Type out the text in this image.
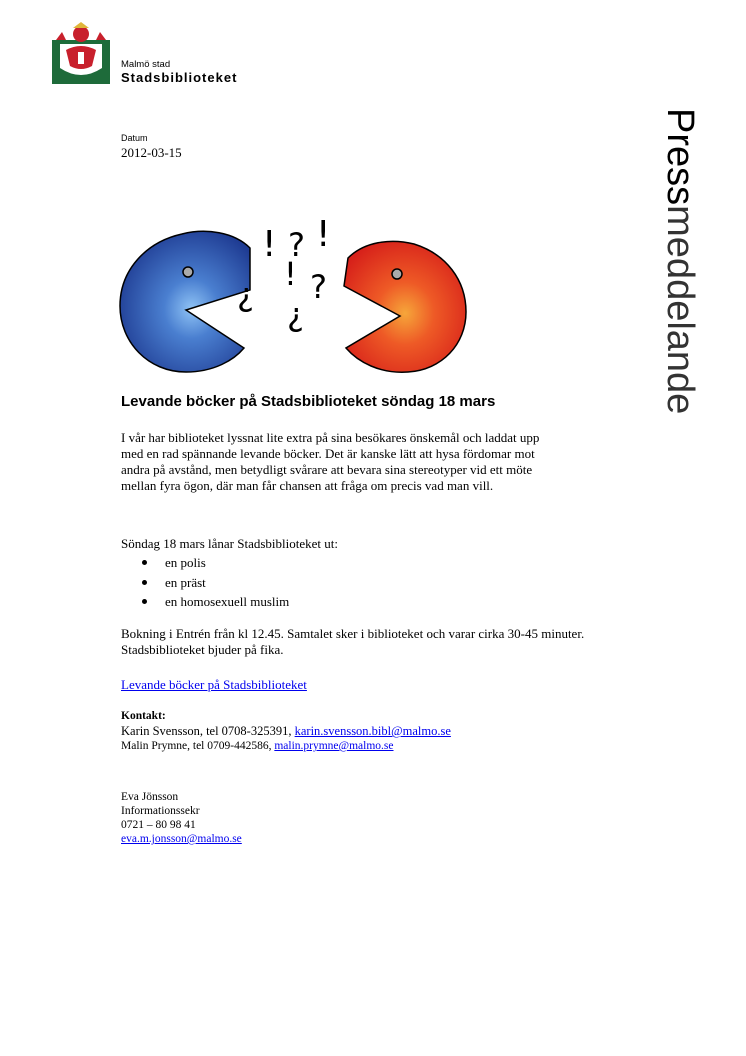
Malmö stad
Stadsbiblioteket
Datum
2012-03-15	Pressmeddelande
! ? !
! ?
?
?
Levande böcker på Stadsbiblioteket söndag 18 mars

I vår har biblioteket lyssnat lite extra på sina besökares önskemål och laddat upp med en rad spännande levande böcker. Det är kanske lätt att hysa fördomar mot andra på avstånd, men betydligt svårare att bevara sina stereotyper vid ett möte mellan fyra ögon, där man får chansen att fråga om precis vad man vill.

Söndag 18 mars lånar Stadsbiblioteket ut:

en polis
en präst
en homosexuell muslim

Bokning i Entrén från kl 12.45. Samtalet sker i biblioteket och varar cirka 30-45 minuter. Stadsbiblioteket bjuder på fika.

Levande böcker på Stadsbiblioteket
Kontakt:
Karin Svensson, tel 0708-325391, karin.svensson.bibl@malmo.se
Malin Prymne, tel 0709-442586, malin.prymne@malmo.se
Eva Jönsson
Informationssekr
0721 – 80 98 41
eva.m.jonsson@malmo.se
